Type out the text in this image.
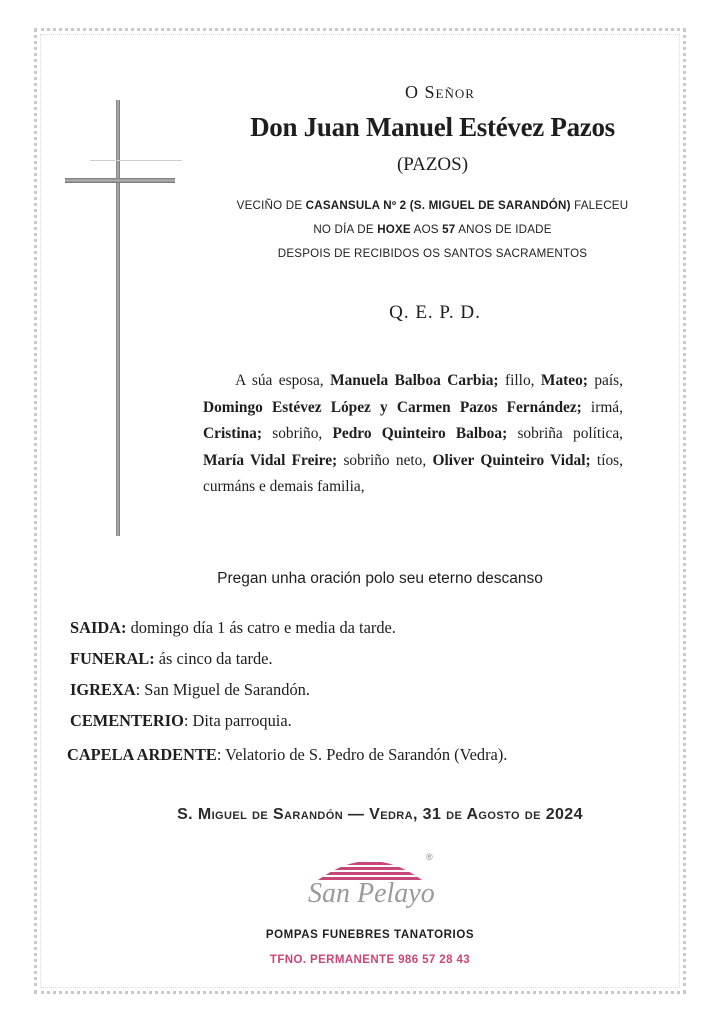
O Señor
Don Juan Manuel Estévez Pazos
(PAZOS)
VECIÑO DE CASANSULA Nº 2 (S. MIGUEL DE SARANDÓN) FALECEU
NO DÍA DE HOXE AOS 57 ANOS DE IDADE
DESPOIS DE RECIBIDOS OS SANTOS SACRAMENTOS
Q. E. P. D.

A súa esposa, Manuela Balboa Carbia; fillo, Mateo; país, Domingo Estévez López y Carmen Pazos Fernández; irmá, Cristina; sobriño, Pedro Quinteiro Balboa; sobriña política, María Vidal Freire; sobriño neto, Oliver Quinteiro Vidal; tíos, curmáns e demais familia,

Pregan unha oración polo seu eterno descanso
SAIDA: domingo día 1 ás catro e media da tarde.
FUNERAL: ás cinco da tarde.
IGREXA: San Miguel de Sarandón.
CEMENTERIO: Dita parroquia.
CAPELA ARDENTE: Velatorio de S. Pedro de Sarandón (Vedra).
S. Miguel de Sarandón — Vedra, 31 de Agosto de 2024
San Pelayo
®
POMPAS FUNEBRES TANATORIOS
TFNO. PERMANENTE 986 57 28 43
